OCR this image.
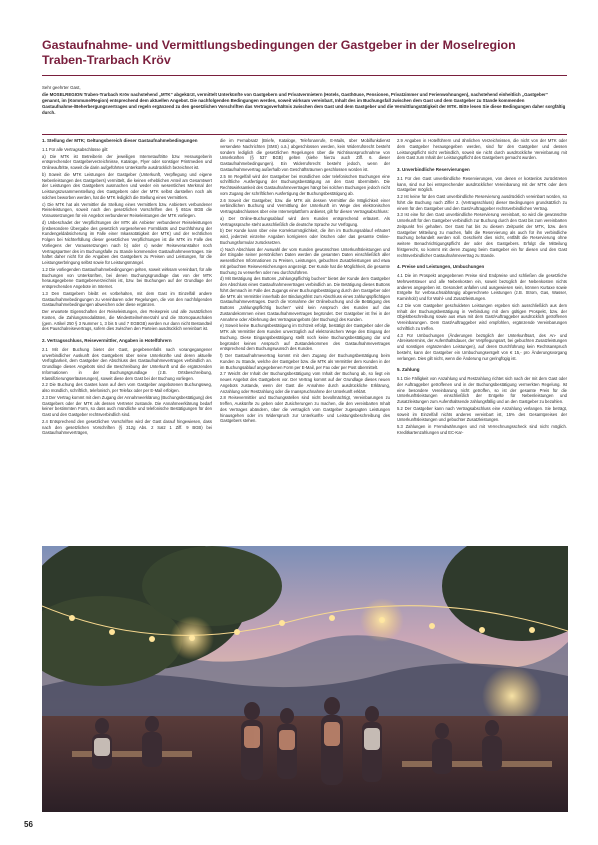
Gastaufnahme- und Vermittlungsbedingungen der Gastgeber in der Moselregion
Traben-Trarbach Kröv

Sehr geehrter Gast,

die MOSELREGION Traben-Trarbach Kröv nachstehend „MTK“ abgekürzt, vermittelt Unterkünfte von Gastgebern und Privatvermietern (Hotels, Gasthöuse, Pensionen, Privatzimmer und Ferienwohnungen), nachstehend einheitlich „Gastgeber“ genannt, im (Kommune/Region) entsprechend dem aktuellen Angebot. Die nachfolgenden Bedingungen werden, soweit wirksam vereinbart, Inhalt des im Buchungsfall zwischen dem Gast und dem Gastgeber zu Stande kommenden Gastaufnahme-/Beherbergungsvertrages und regeln ergänzend zu den gesetzlichen Vorschriften das Vertragsverhältnis zwischen dem Gast und dem Gastgeber und die Vermittlungstätigkeit der MTK. Bitte lesen Sie diese Bedingungen daher sorgfältig durch.

1. Stellung der MTK; Geltungsbereich dieser Gastaufnahmebedingungen

1.1 Für alle Vertragsabschlüsse gilt:

a) Die MTK ist Betreiberin der jeweiligen Internetauftritte bzw. Herausgeberin entsprechender Gastgeberverzeichnisse, Kataloge, Flyer oder sonstiger Printmedien und Onlineauftritte, soweit die darin aufgeführten Unterkünfte ausdrücklich bezeichnet ist.

b) Soweit die MTK Leistungen der Gastgeber (Unterkunft, Verpflegung und eigene Nebenleistungen des Gastgebers) vermittelt, die keinen erheblichen Anteil am Gesamtwert der Leistungen des Gastgebers ausmachen und weder ein wesentliches Merkmal der Leistungszusammenstellung des Gastgebers oder der MTK selbst darstellen noch als solches beworben werden, hat die MTK lediglich die Stellung eines Vermittlers.

c) Die MTK hat als Vermittler die Stellung eines Vermittlers bzw. Anbieters verbundener Reiseleistungen, soweit nach den gesetzlichen Vorschriften des § 651w BGB die Voraussetzungen für ein Angebot verbundener Reiseleistungen der MTK vorliegen.

d) Unbeschadet der Verpflichtungen der MTK als Anbieter verbundener Reiseleistungen (insbesondere Übergabe des gesetzlich vorgesehenen Formblatts und Durchführung der Kundengeldabsicherung im Falle einer Inkassotätigkeit der MTK) und der rechtlichen Folgen bei Nichterfüllung dieser gesetzlichen Verpflichtungen ist die MTK im Falle des Vorliegens der Voraussetzungen nach b) oder c) weder Reiseveranstalter noch Vertragspartner des im Buchungsfalle zu Stande kommenden Gastaufnahmevertrages. Sie haftet daher nicht für die Angaben des Gastgebers zu Preisen und Leistungen, für die Leistungserbringung selbst sowie für Leistungsmängel.

1.2 Die vorliegenden Gastaufnahmebedingungen gelten, soweit wirksam vereinbart, für alle Buchungen von Unterkünften, bei denen Buchungsgrundlage das von der MTK herausgegebene Gastgeberverzeichnis ist, bzw. bei Buchungen auf der Grundlage der entsprechenden Angebote im Internet.

1.3 Den Gastgebern bleibt es vorbehalten, mit dem Gast im Einzelfall andere Gastaufnahmebedingungen zu vereinbaren oder Regelungen, die von den nachfolgenden Gastaufnahmebedingungen abweichen oder diese ergänzen.

Der erwartete Eigenschaften der Reiseleistungen, den Reisepreis und alle zusätzlichen Kosten, die Zahlungsmodalitäten, die Mindestteilnehmerzahl und die Stornopauschalen (gem. Artikel 250 § 3 Nummer 1, 3 bis 5 und 7 EGBGB) werden nur dann nicht Bestandteil des Pauschalreisevertrags, sofern dies zwischen den Parteien ausdrücklich vereinbart ist.

2. Vertragsschluss, Reisevermittler, Angaben in Hotelführern

2.1 Mit der Buchung bietet der Gast, gegebenenfalls nach vorangegangener unverbindlicher Auskunft des Gastgebers über seine Unterkünfte und deren aktuelle Verfügbarkeit, dem Gastgeber den Abschluss des Gastaufnahmevertrages verbindlich an. Grundlage dieses Angebots sind die Beschreibung der Unterkunft und die ergänzenden Informationen in der Buchungsgrundlage (z.B. Ortsbeschreibung, Klassifizierungserläuterungen), soweit diese dem Gast bei der Buchung vorliegen.

2.2 Die Buchung des Gastes kann auf dem vom Gastgeber angebotenen Buchungsweg, also mündlich, schriftlich, telefonisch, per Telefax oder per E-Mail erfolgen.

2.3 Der Vertrag kommt mit dem Zugang der Annahmeerklärung (Buchungsbestätigung) des Gastgebers oder der MTK als dessen Vertreter zustande. Die Annahmeerklärung bedarf keiner bestimmten Form, so dass auch mündliche und telefonische Bestätigungen für den Gast und den Gastgeber rechtsverbindlich sind.

2.4 Entsprechend den gesetzlichen Vorschriften wird der Gast darauf hingewiesen, dass nach den gesetzlichen Vorschriften (§ 312g Abs. 2 Satz 1 Ziff. 9 BGB) bei Gastaufnahmeverträgen,

die im Fernabsatz (Briefe, Kataloge, Telefonanrufe, E-Mails, über Mobilfunkdienst versendete Nachrichten (SMS) o.ä.) abgeschlossen werden, kein Widerrufsrecht besteht sondern lediglich die gesetzlichen Regelungen über die Nichtinanspruchnahme von Unterkünften (§ 537 BGB) gelten (siehe hierzu auch Ziff. 6. dieser Gastaufnahmebedingungen). Ein Widerrufsrecht besteht jedoch, wenn der Gastaufnahmevertrag außerhalb von Geschäftsräumen geschlossen worden ist.

2.5 Im Regelfall wird der Gastgeber bei mündlichen oder telefonischen Buchungen eine schriftliche Ausfertigung der Buchungsbestätigung an den Gast übermitteln. Die Rechtswirksamkeit des Gastaufnahmevertrages hängt bei solchen Buchungen jedoch nicht vom Zugang der schriftlichen Ausfertigung der Buchungsbestätigung ab.

2.6 Soweit der Gastgeber, bzw. die MTK als dessen Vermittler die Möglichkeit einer verbindlichen Buchung und Vermittlung der Unterkunft im Wege des elektronischen Vertragsabschlusses über eine Internetplattform anbietet, gilt für diesen Vertragsabschluss:

a) Der Online-Buchungsablauf wird dem Kunden entsprechend erläutert. Als Vertragssprache steht ausschließlich die deutsche Sprache zur Verfügung.

b) Der Kunde kann über eine Korrekturmöglichkeit, die ihm im Buchungsablauf erläutert wird, jederzeit einzelne Angaben korrigieren oder löschen oder das gesamte Online-Buchungsformular zurücksetzen.

c) Nach Abschluss der Auswahl der vom Kunden gewünschten Unterkunftsleistungen und der Eingabe seiner persönlichen Daten werden die gesamten Daten einschließlich aller wesentlichen Informationen zu Preisen, Leistungen, gebuchten Zusatzleistungen und etwa mit gebuchten Reiseversicherungen angezeigt. Der Kunde hat die Möglichkeit, die gesamte Buchung zu verwerfen oder neu durchzuführen.

d) Mit Betätigung des Buttons „zahlungspflichtig buchen“ bietet der Kunde dem Gastgeber den Abschluss eines Gastaufnahmevertrages verbindlich an. Die Betätigung dieses Buttons führt demnach im Falle des Zugangs einer Buchungsbestätigung durch den Gastgeber oder die MTK als Vermittler innerhalb der Bindungsfrist zum Abschluss eines zahlungspflichtigen Gastaufnahmevertrages. Durch die Vornahme der Onlinebuchung und die Betätigung des Buttons „zahlungspflichtig buchen“ wird kein Anspruch des Kunden auf das Zustandekommen eines Gastaufnahmevertrages begründet. Der Gastgeber ist frei in der Annahme oder Ablehnung des Vertragsangebots (der Buchung) des Kunden.

e) Soweit keine Buchungsbestätigung im Echtzeit erfolgt, bestätigt der Gastgeber oder die MTK als Vermittler dem Kunden unverzüglich auf elektronischem Wege den Eingang der Buchung. Diese Eingangsbestätigung stellt noch keine Buchungsbestätigung dar und begründet keinen Anspruch auf Zustandekommen des Gastaufnahmevertrages entsprechend dem Buchungswunsch des Kunden.

f) Der Gastaufnahmevertrag kommt mit dem Zugang der Buchungsbestätigung beim Kunden zu Stande, welche der Gastgeber bzw. die MTK als Vermittler dem Kunden in der im Buchungsablauf angegebenen Form per E-Mail, per Fax oder per Post übermittelt.

2.7 Weicht der Inhalt der Buchungsbestätigung vom Inhalt der Buchung ab, so liegt ein neues Angebot des Gastgebers vor. Der Vertrag kommt auf der Grundlage dieses neuen Angebots zustande, wenn der Gast die Annahme durch ausdrückliche Erklärung, Anzahlung oder Restzahlung oder die Inanspruchnahme der Unterkunft erklärt.

2.8 Reisevermittler und Buchungsstellen sind nicht bevollmächtigt, Vereinbarungen zu treffen, Auskünfte zu geben oder Zusicherungen zu machen, die den vereinbarten Inhalt des Vertrages abändern, über die vertraglich vom Gastgeber zugesagten Leistungen hinausgehen oder im Widerspruch zur Unterkunfts- und Leistungsbeschreibung des Gastgebers stehen.

2.9 Angaben in Hotelführern und ähnlichen Verzeichnissen, die nicht von der MTK oder dem Gastgeber herausgegeben werden, sind für den Gastgeber und dessen Leistungspflicht nicht verbindlich, soweit sie nicht durch ausdrückliche Vereinbarung mit dem Gast zum Inhalt der Leistungspflicht des Gastgebers gemacht wurden.

3. Unverbindliche Reservierungen

3.1 Für den Gast unverbindliche Reservierungen, von denen er kostenlos zurücktreten kann, sind nur bei entsprechender ausdrücklicher Vereinbarung mit der MTK oder dem Gastgeber möglich.

3.2 Ist keine für den Gast unverbindliche Reservierung ausdrücklich vereinbart worden, so führt die Buchung nach Ziffer 2. (Vertragsschluss) dieser Bedingungen grundsätzlich zu einem für den Gastgeber und den Gast/Auftraggeber rechtsverbindlichen Vertrag.

3.3 Ist eine für den Gast unverbindliche Reservierung vereinbart, so wird die gewünschte Unterkunft für den Gastgeber verbindlich zur Buchung durch den Gast bis zum vereinbarten Zeitpunkt frei gehalten. Der Gast hat bis zu diesem Zeitpunkt der MTK, bzw. dem Gastgeber Mitteilung zu machen, falls die Reservierung als auch für ihn verbindliche Buchung behandelt werden soll. Geschieht dies nicht, entfällt die Reservierung ohne weitere Benachrichtigungspflicht der oder des Gastgebers. Erfolgt die Mitteilung fristgerecht, so kommt mit deren Zugang beim Gastgeber ein für diesen und den Gast rechtsverbindlicher Gastaufnahmevertrag zu Stande.

4. Preise und Leistungen, Umbuchungen

4.1 Die im Prospekt angegebenen Preise sind Endpreise und schließen die gesetzliche Mehrwertsteuer und alle Nebenkosten ein, soweit bezüglich der Nebenkosten nichts anderes angegeben ist. Gesondert anfallen und ausgewiesen sein, können Kurtaxe sowie Entgelte für verbrauchsabhängig abgerechnete Leistungen (z.B. Strom, Gas, Wasser, Kaminholz) und für Wahl- und Zusatzleistungen.

4.2 Die vom Gastgeber geschuldeten Leistungen ergeben sich ausschließlich aus dem Inhalt der Buchungsbestätigung in Verbindung mit dem gültigen Prospekt, bzw. der Objektbeschreibung sowie aus etwa mit dem Gast/Auftraggeber ausdrücklich getroffenen Vereinbarungen. Dem Gast/Auftraggeber wird empfohlen, ergänzende Vereinbarungen schriftlich zu treffen.

4.3 Für Umbuchungen (Änderungen bezüglich der Unterkunftsart, des An- und Abreisetermins, der Aufenthaltsdauer, der Verpflegungsart, bei gebuchten Zusatzleistungen und sonstigen ergänzenden Leistungen), auf deren Durchführung kein Rechtsanspruch besteht, kann der Gastgeber ein Umbuchungsentgelt von € 15,- pro Änderungsvorgang verlangen. Dies gilt nicht, wenn die Änderung nur geringfügig ist.

5. Zahlung

5.1 Die Fälligkeit von Anzahlung und Restzahlung richtet sich nach der mit dem Gast oder der Auftraggeber getroffenen und in der Buchungsbestätigung vermerkten Regelung. Ist eine besondere Vereinbarung nicht getroffen, so ist der gesamte Preis für die Unterkunftsleistungen einschließlich der Entgelte für Nebenleistungen und Zusatzleistungen zum Aufenthaltsende zahlungsfällig und an den Gastgeber zu bezahlen.

5.2 Der Gastgeber kann nach Vertragsabschluss eine Anzahlung verlangen. Sie beträgt, soweit im Einzelfall nichts anderes vereinbart ist, 15% des Gesamtpreises der Unterkunftsleistungen und gebuchter Zusatzleistungen.

5.3 Zahlungen in Fremdwährungen und mit Verrechnungsscheck sind nicht möglich. Kreditkartenzahlungen und EC-Kar-

56
